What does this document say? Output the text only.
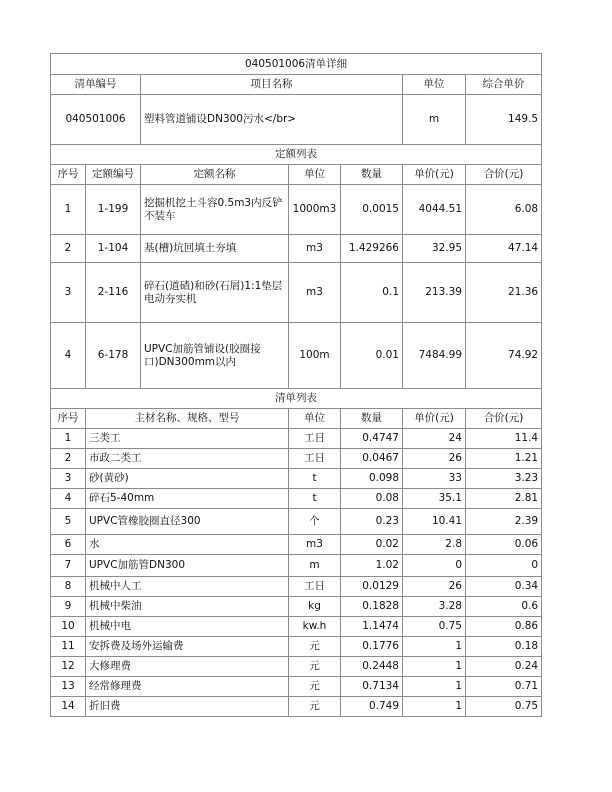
040501006清单详细						
清单编号		项目名称			单位	综合单价
040501006		塑料管道铺设DN300污水</br>			m	149.5
定额列表						
序号	定额编号	定额名称	单位	数量	单价(元)	合价(元)
1	1-199	挖掘机挖土斗容0.5m3内反铲不装车	1000m3	0.0015	4044.51	6.08
2	1-104	基(槽)坑回填土夯填	m3	1.429266	32.95	47.14
3	2-116	碎石(道碴)和砂(石屑)1:1垫层电动夯实机	m3	0.1	213.39	21.36
4	6-178	UPVC加筋管铺设(胶圈接口)DN300mm以内	100m	0.01	7484.99	74.92
清单列表						
序号	主材名称、规格、型号		单位	数量	单价(元)	合价(元)
1	三类工		工日	0.4747	24	11.4
2	市政二类工		工日	0.0467	26	1.21
3	砂(黄砂)		t	0.098	33	3.23
4	碎石5-40mm		t	0.08	35.1	2.81
5	UPVC管橡胶圈直径300		个	0.23	10.41	2.39
6	水		m3	0.02	2.8	0.06
7	UPVC加筋管DN300		m	1.02	0	0
8	机械中人工		工日	0.0129	26	0.34
9	机械中柴油		kg	0.1828	3.28	0.6
10	机械中电		kw.h	1.1474	0.75	0.86
11	安拆费及场外运输费		元	0.1776	1	0.18
12	大修理费		元	0.2448	1	0.24
13	经常修理费		元	0.7134	1	0.71
14	折旧费		元	0.749	1	0.75
